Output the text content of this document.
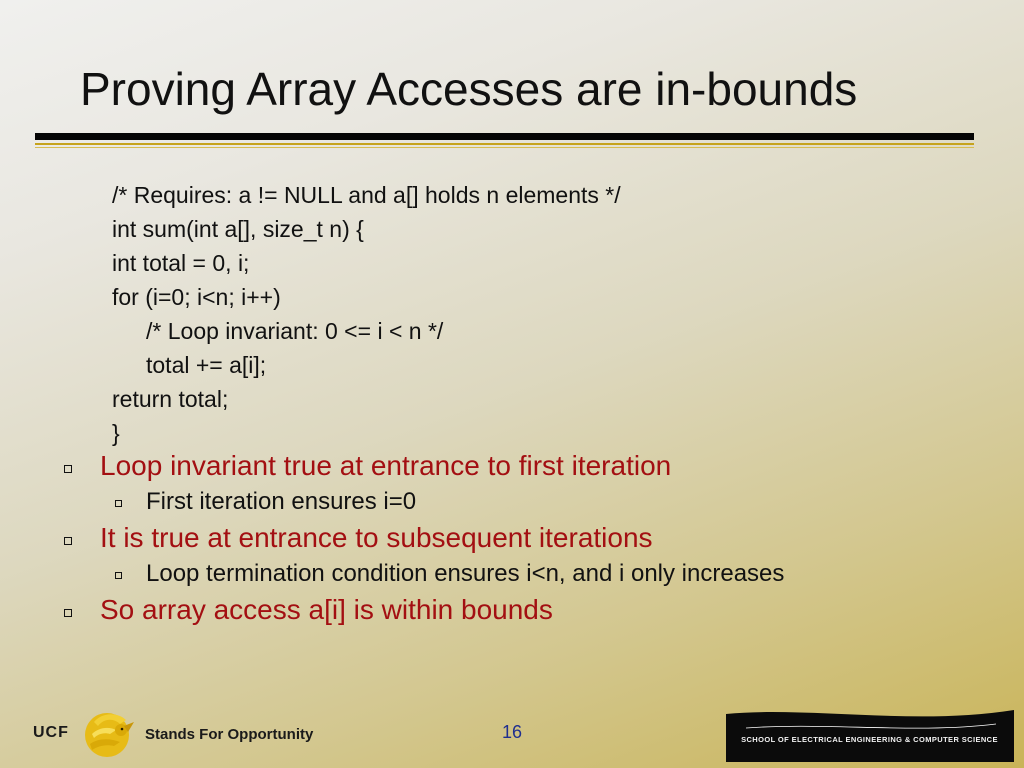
Proving Array Accesses are in-bounds
/* Requires: a != NULL and a[] holds n elements */
int sum(int a[], size_t n) {
int total = 0, i;
for (i=0; i<n; i++)
/* Loop invariant: 0 <= i < n */
total += a[i];
return total;
}
Loop invariant true at entrance to first iteration
First iteration ensures i=0
It is true at entrance to subsequent iterations
Loop termination condition ensures i<n, and i only increases
So array access a[i] is within bounds
UCF	Stands For Opportunity	16	SCHOOL OF ELECTRICAL ENGINEERING & COMPUTER SCIENCE
